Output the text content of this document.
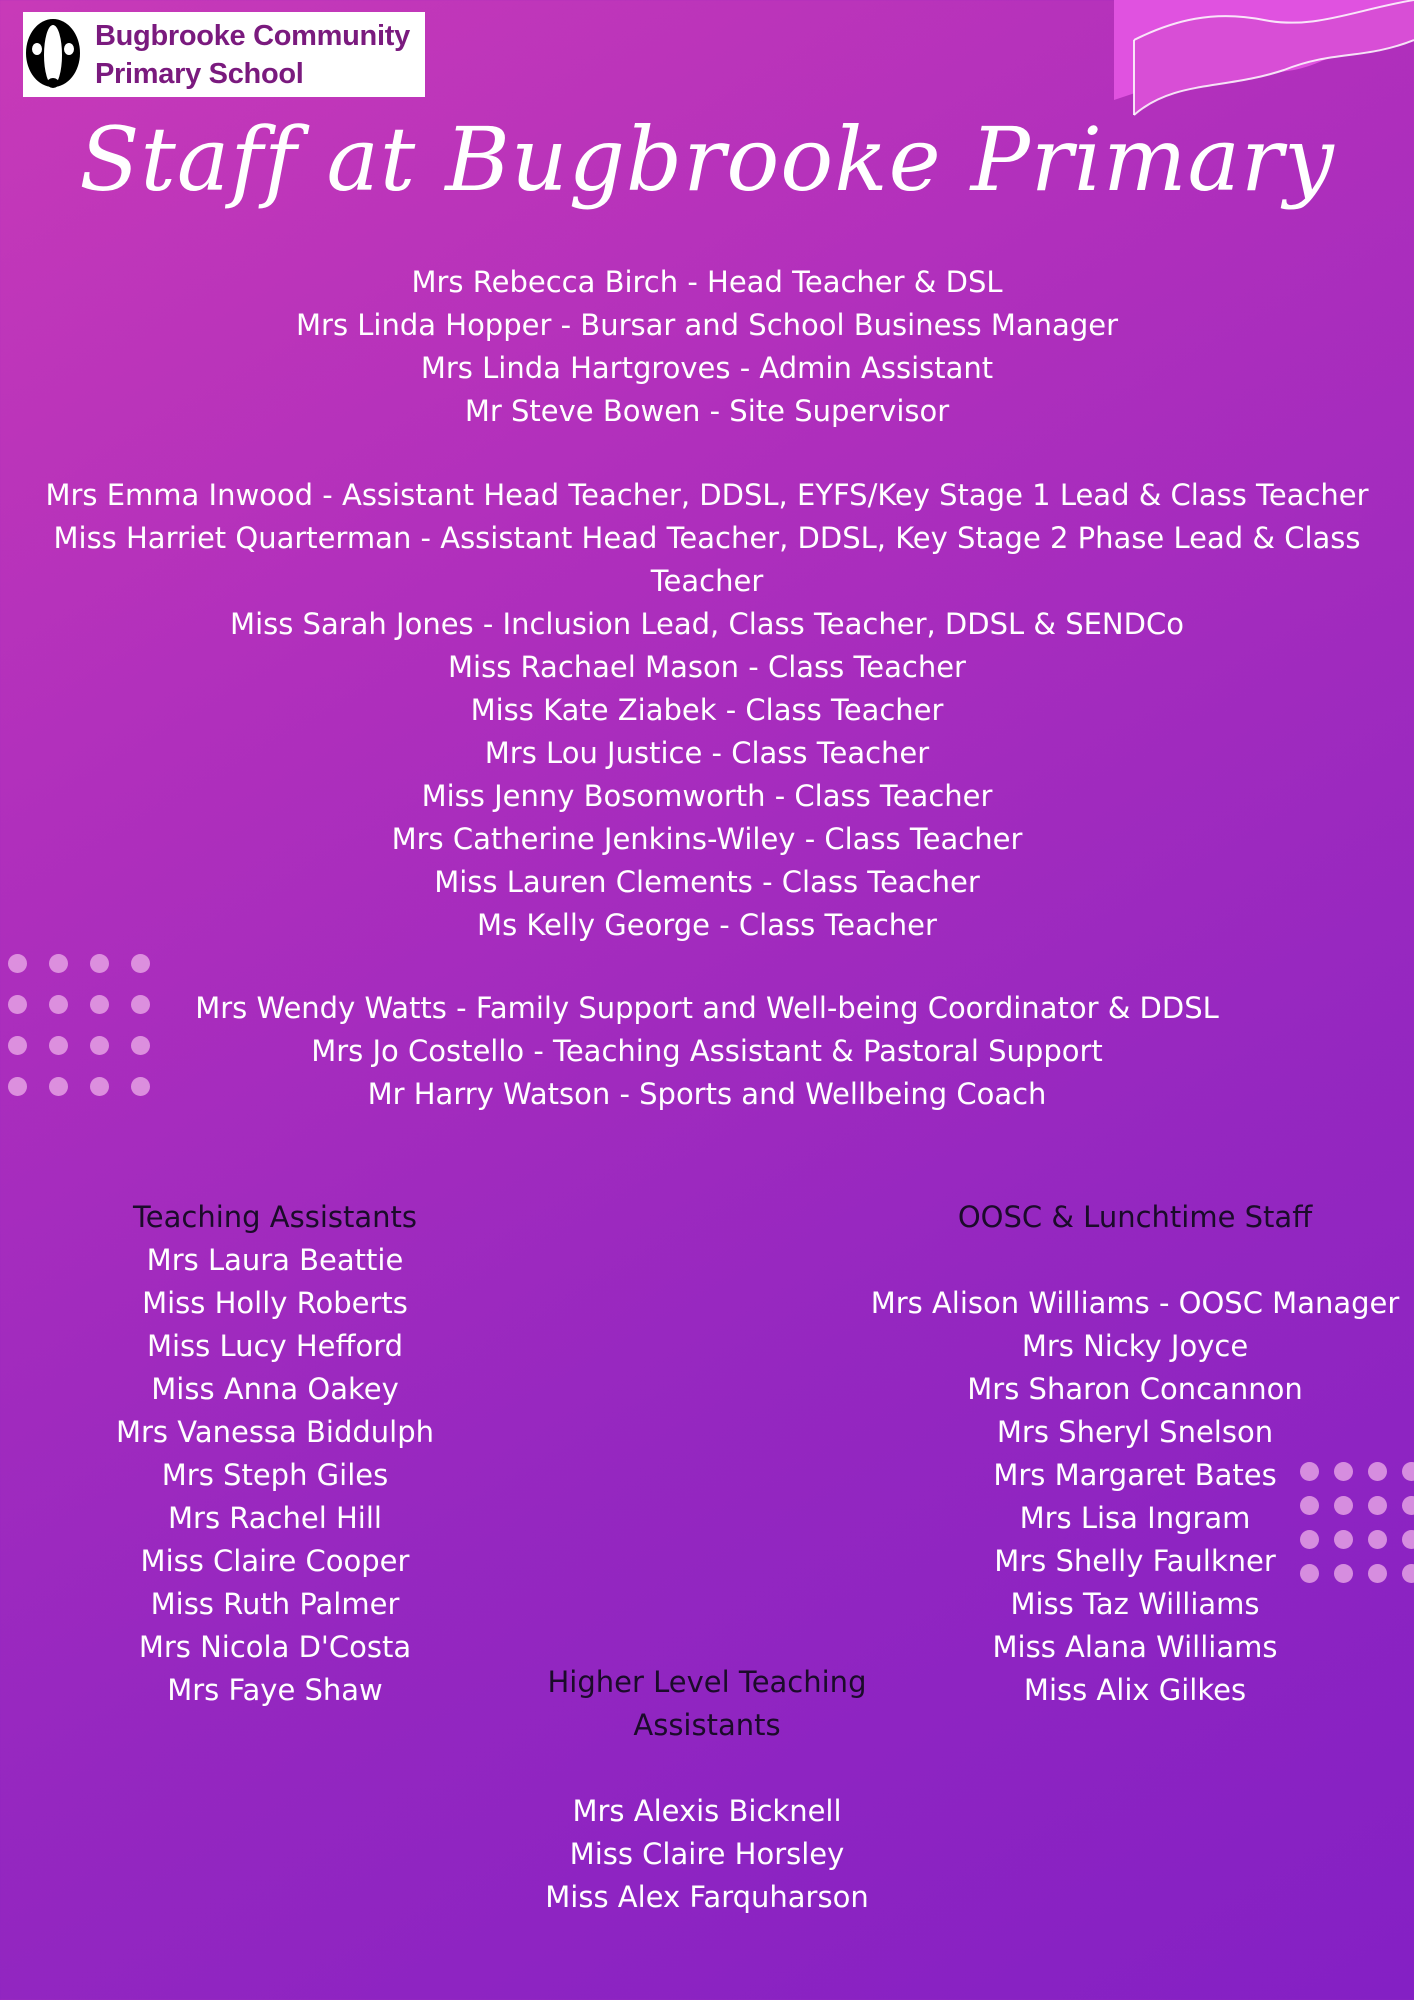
Bugbrooke Community
Primary School
Staff at Bugbrooke Primary
Mrs Rebecca Birch - Head Teacher & DSL
Mrs Linda Hopper - Bursar and School Business Manager
Mrs Linda Hartgroves - Admin Assistant
Mr Steve Bowen - Site Supervisor
Mrs Emma Inwood - Assistant Head Teacher, DDSL, EYFS/Key Stage 1 Lead & Class Teacher
Miss Harriet Quarterman - Assistant Head Teacher, DDSL, Key Stage 2 Phase Lead & Class Teacher
Miss Sarah Jones - Inclusion Lead, Class Teacher, DDSL & SENDCo
Miss Rachael Mason - Class Teacher
Miss Kate Ziabek - Class Teacher
Mrs Lou Justice - Class Teacher
Miss Jenny Bosomworth - Class Teacher
Mrs Catherine Jenkins-Wiley - Class Teacher
Miss Lauren Clements - Class Teacher
Ms Kelly George - Class Teacher
Mrs Wendy Watts - Family Support and Well-being Coordinator & DDSL
Mrs Jo Costello - Teaching Assistant & Pastoral Support
Mr Harry Watson - Sports and Wellbeing Coach
Teaching Assistants
Mrs Laura Beattie
Miss Holly Roberts
Miss Lucy Hefford
Miss Anna Oakey
Mrs Vanessa Biddulph
Mrs Steph Giles
Mrs Rachel Hill
Miss Claire Cooper
Miss Ruth Palmer
Mrs Nicola D'Costa
Mrs Faye Shaw
OOSC & Lunchtime Staff

Mrs Alison Williams - OOSC Manager
Mrs Nicky Joyce
Mrs Sharon Concannon
Mrs Sheryl Snelson
Mrs Margaret Bates
Mrs Lisa Ingram
Mrs Shelly Faulkner
Miss Taz Williams
Miss Alana Williams
Miss Alix Gilkes
Higher Level Teaching
Assistants

Mrs Alexis Bicknell
Miss Claire Horsley
Miss Alex Farquharson
